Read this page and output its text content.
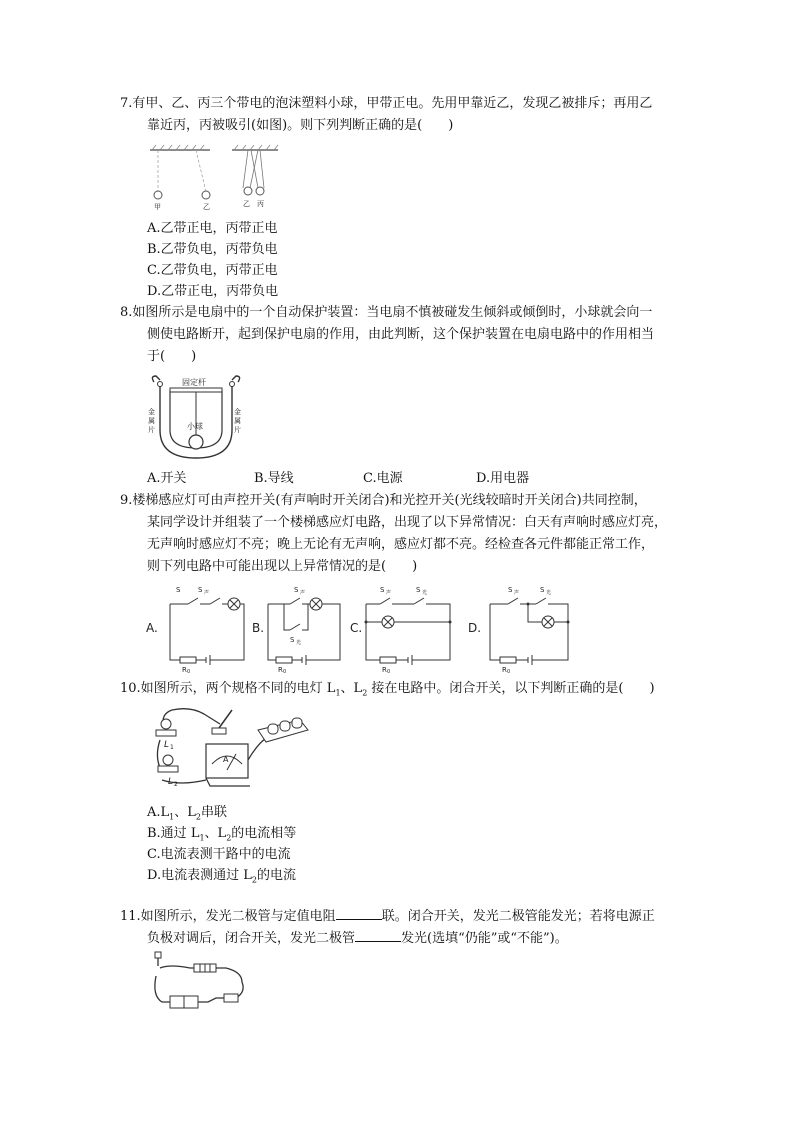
7.有甲、乙、丙三个带电的泡沫塑料小球，甲带正电。先用甲靠近乙，发现乙被排斥；再用乙
靠近丙，丙被吸引(如图)。则下列判断正确的是(　　)
甲	乙	乙 丙
A.乙带正电，丙带正电
B.乙带负电，丙带负电
C.乙带负电，丙带正电
D.乙带正电，丙带负电
8.如图所示是电扇中的一个自动保护装置：当电扇不慎被碰发生倾斜或倾倒时，小球就会向一
侧使电路断开，起到保护电扇的作用，由此判断，这个保护装置在电扇电路中的作用相当
于(　　)
固定杆
小球
金
属
片
金
属
片
A.开关	B.导线	C.电源	D.用电器
9.楼梯感应灯可由声控开关(有声响时开关闭合)和光控开关(光线较暗时开关闭合)共同控制，
某同学设计并组装了一个楼梯感应灯电路，出现了以下异常情况：白天有声响时感应灯亮，
无声响时感应灯不亮；晚上无论有无声响，感应灯都不亮。经检查各元件都能正常工作，
则下列电路中可能出现以上异常情况的是(　　)
A.
S	S 声
R 0
B.
S 声
S 光
R 0
C.
S 声	S 光
R 0
D.
S 声	S 光
R 0
10.如图所示，两个规格不同的电灯 $L_1$、$L_2$ 接在电路中。闭合开关，以下判断正确的是(　　)
L 1
L 2
A
$A.L_1$、$L_2$串联
B.通过 $L_1$、$L_2$的电流相等
C.电流表测干路中的电流
D.电流表测通过 $L_2$的电流
11.如图所示，发光二极管与定值电阻	联。闭合开关，发光二极管能发光；若将电源正
负极对调后，闭合开关，发光二极管	发光(选填“仍能”或“不能”)。
